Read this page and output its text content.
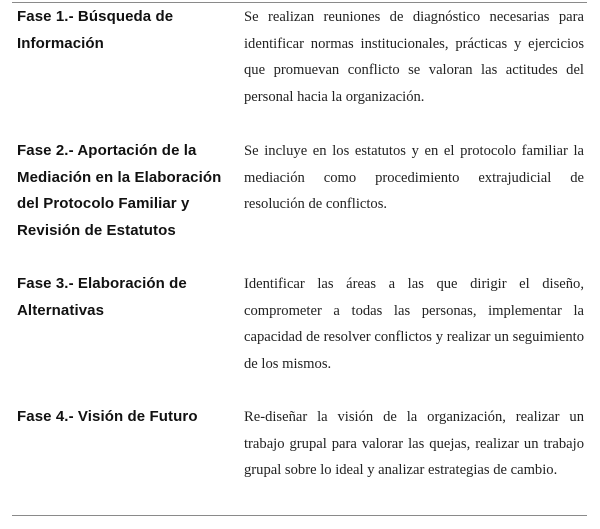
Fase 1.- Búsqueda de Información

Se realizan reuniones de diagnóstico necesarias para identificar normas institucionales, prácticas y ejercicios que promuevan conflicto se valoran las actitudes del personal hacia la organización.

Fase 2.- Aportación de la Mediación en la Elaboración del Protocolo Familiar y Revisión de Estatutos

Se incluye en los estatutos y en el protocolo familiar la mediación como procedimiento extrajudicial de resolución de conflictos.

Fase 3.- Elaboración de Alternativas

Identificar las áreas a las que dirigir el diseño, comprometer a todas las personas, implementar la capacidad de resolver conflictos y realizar un seguimiento de los mismos.

Fase 4.- Visión de Futuro	Re-diseñar la visión de la organización, realizar un trabajo grupal para valorar las quejas, realizar un trabajo grupal sobre lo ideal y analizar estrategias de cambio.
